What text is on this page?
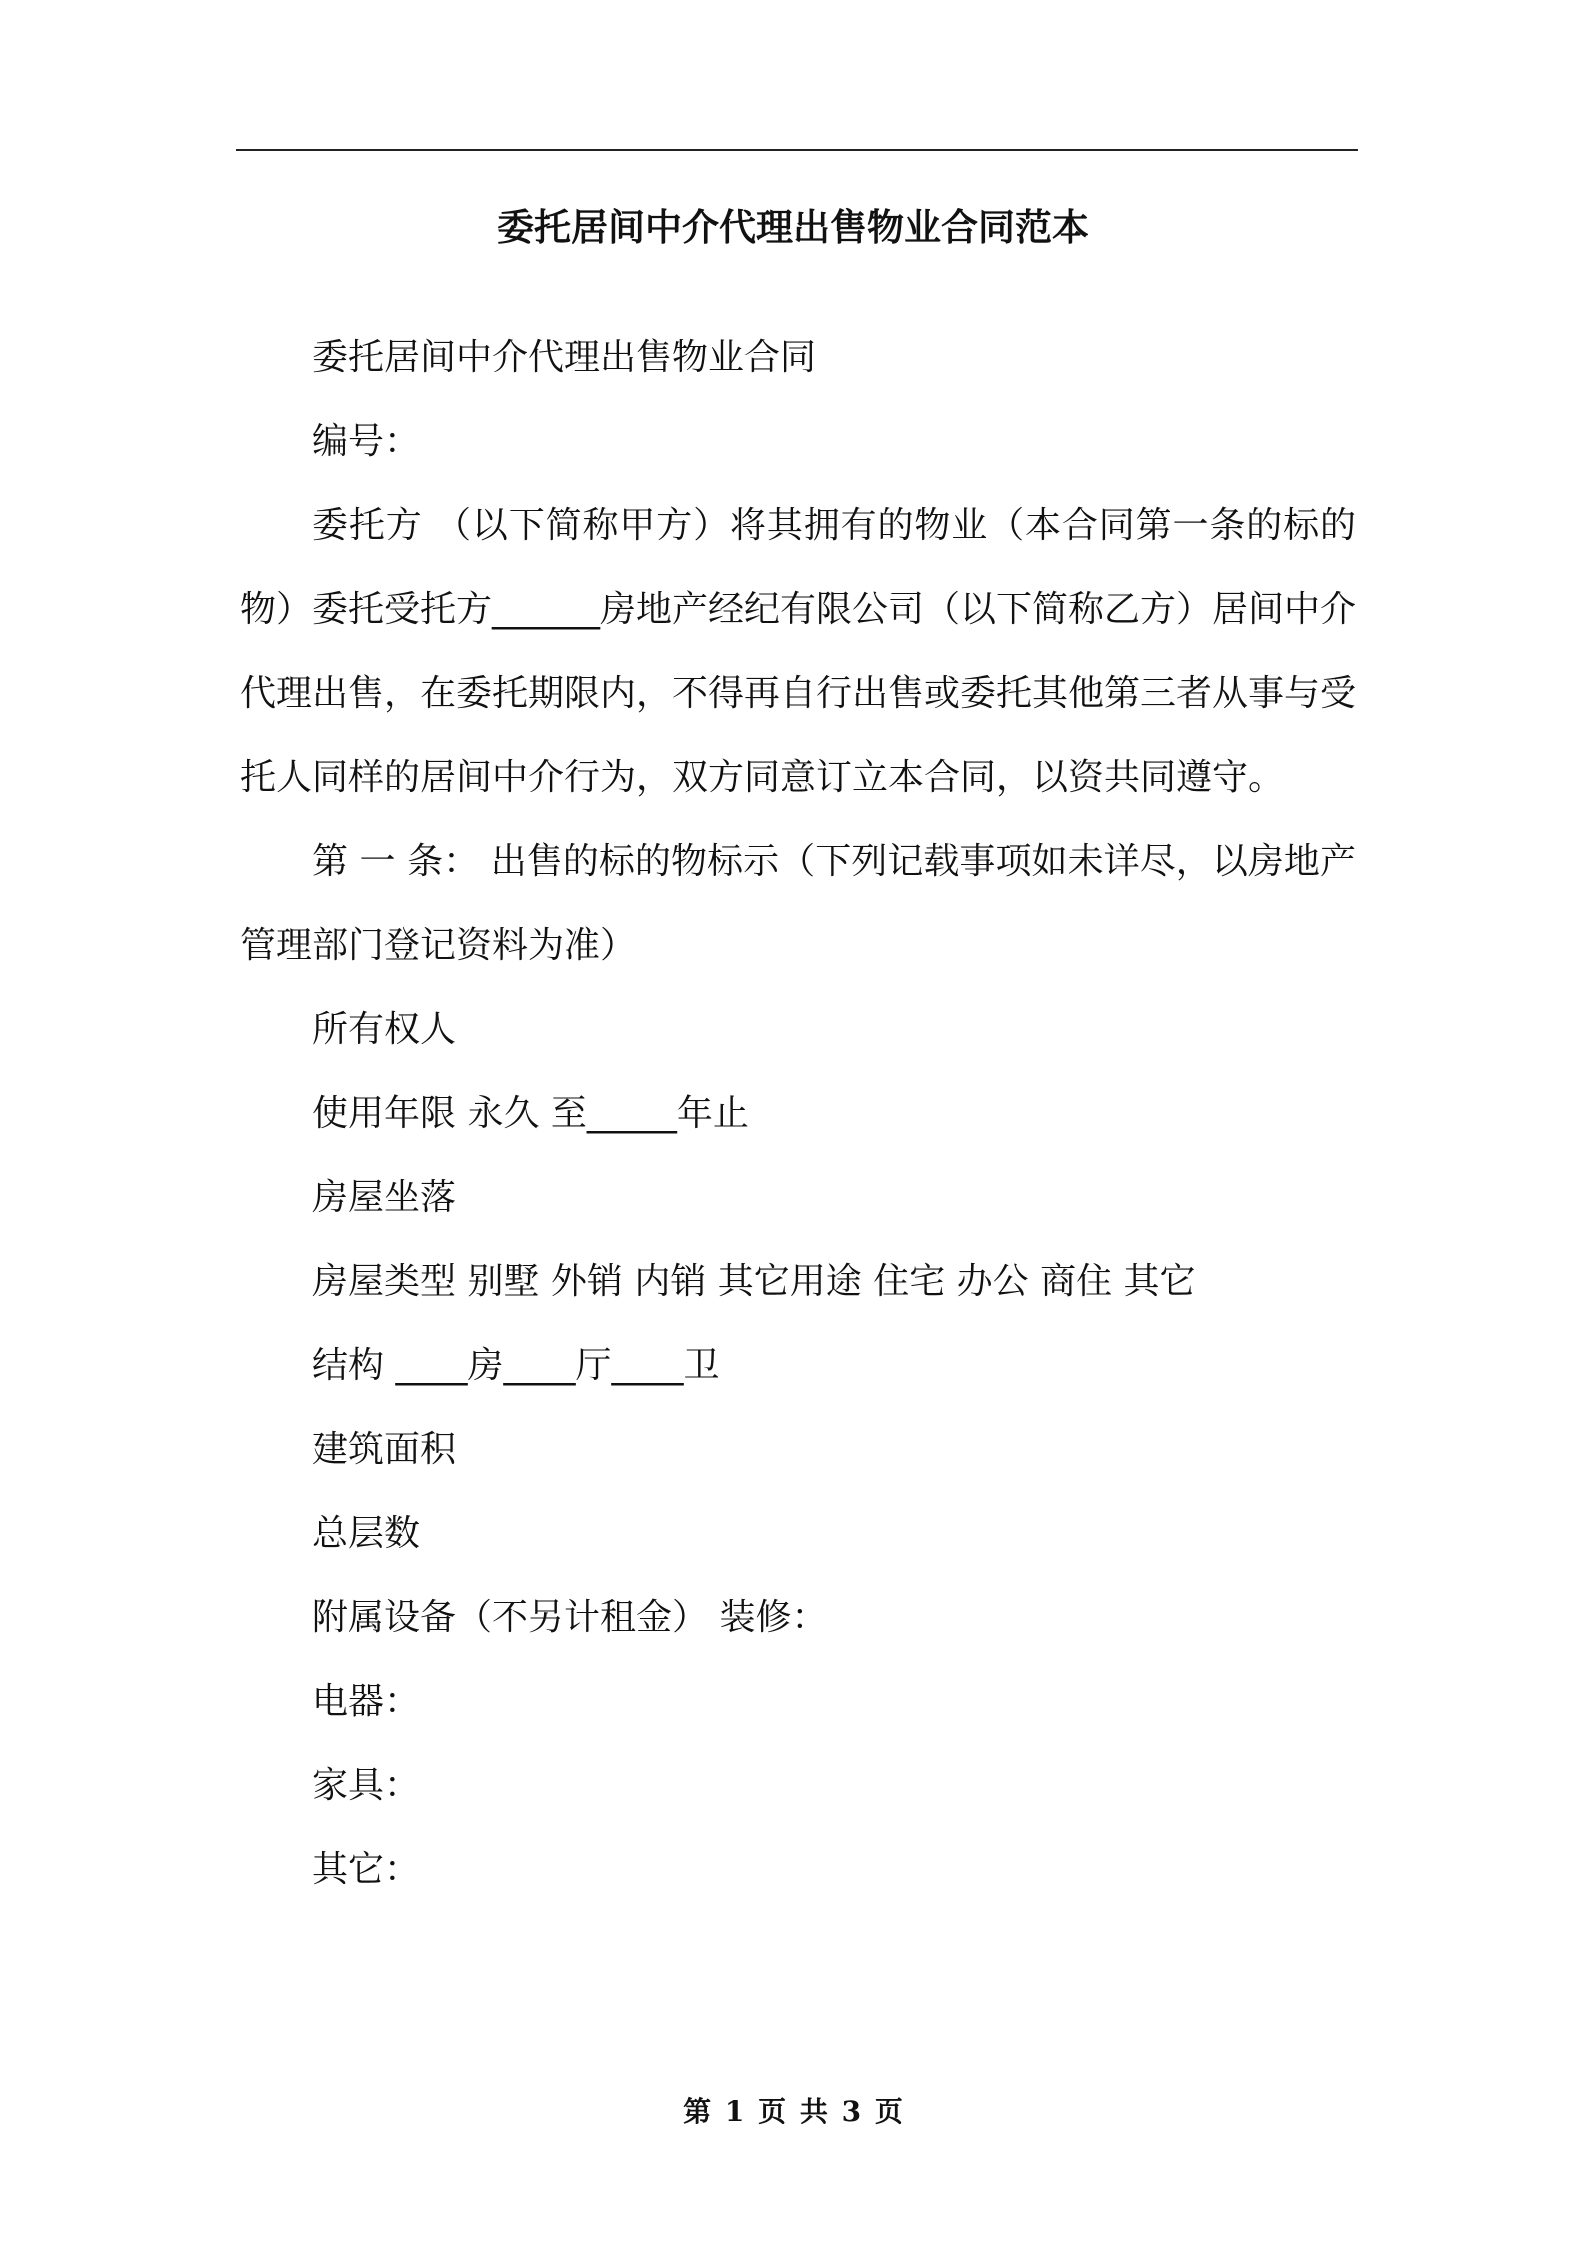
委托居间中介代理出售物业合同范本

委托居间中介代理出售物业合同

编号：

委托方 （以下简称甲方）将其拥有的物业（本合同第一条的标的物）委托受托方______房地产经纪有限公司（以下简称乙方）居间中介代理出售，在委托期限内，不得再自行出售或委托其他第三者从事与受托人同样的居间中介行为，双方同意订立本合同，以资共同遵守。

第 一 条： 出售的标的物标示（下列记载事项如未详尽，以房地产管理部门登记资料为准）

所有权人

使用年限 永久 至_____年止

房屋坐落

房屋类型 别墅 外销 内销 其它用途 住宅 办公 商住 其它

结构 ____房____厅____卫

建筑面积

总层数

附属设备（不另计租金） 装修：

电器：

家具：

其它：

第 1 页 共 3 页
